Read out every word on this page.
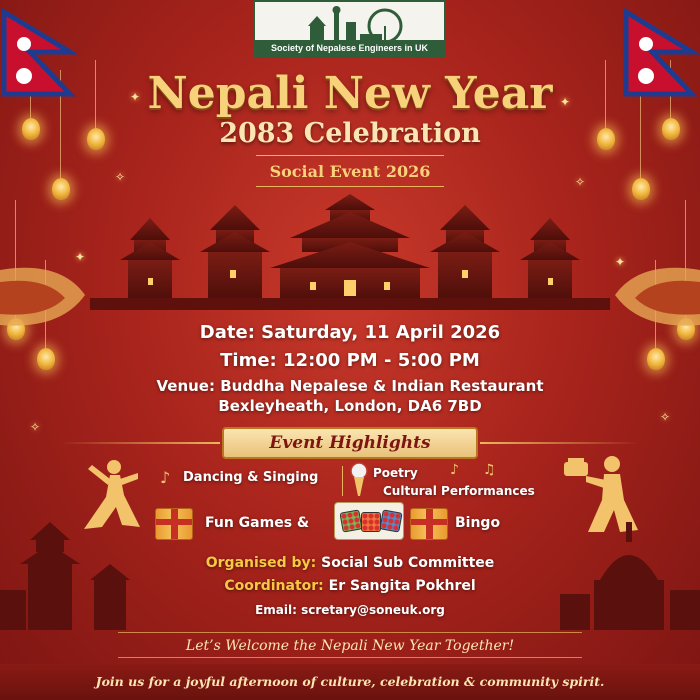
✦	✦
✧	✧
✦	✦
✧
✧
Society of Nepalese Engineers in UK
Nepali New Year
2083 Celebration
Social Event 2026
Date: Saturday, 11 April 2026
Time: 12:00 PM - 5:00 PM
Venue: Buddha Nepalese & Indian Restaurant
Bexleyheath, London, DA6 7BD
Event Highlights
♪ Dancing & Singing	Poetry ♪ ♫
Cultural Performances
Fun Games &	Bingo
Organised by: Social Sub Committee
Coordinator: Er Sangita Pokhrel
Email: scretary@soneuk.org
Let’s Welcome the Nepali New Year Together!
Join us for a joyful afternoon of culture, celebration & community spirit.
